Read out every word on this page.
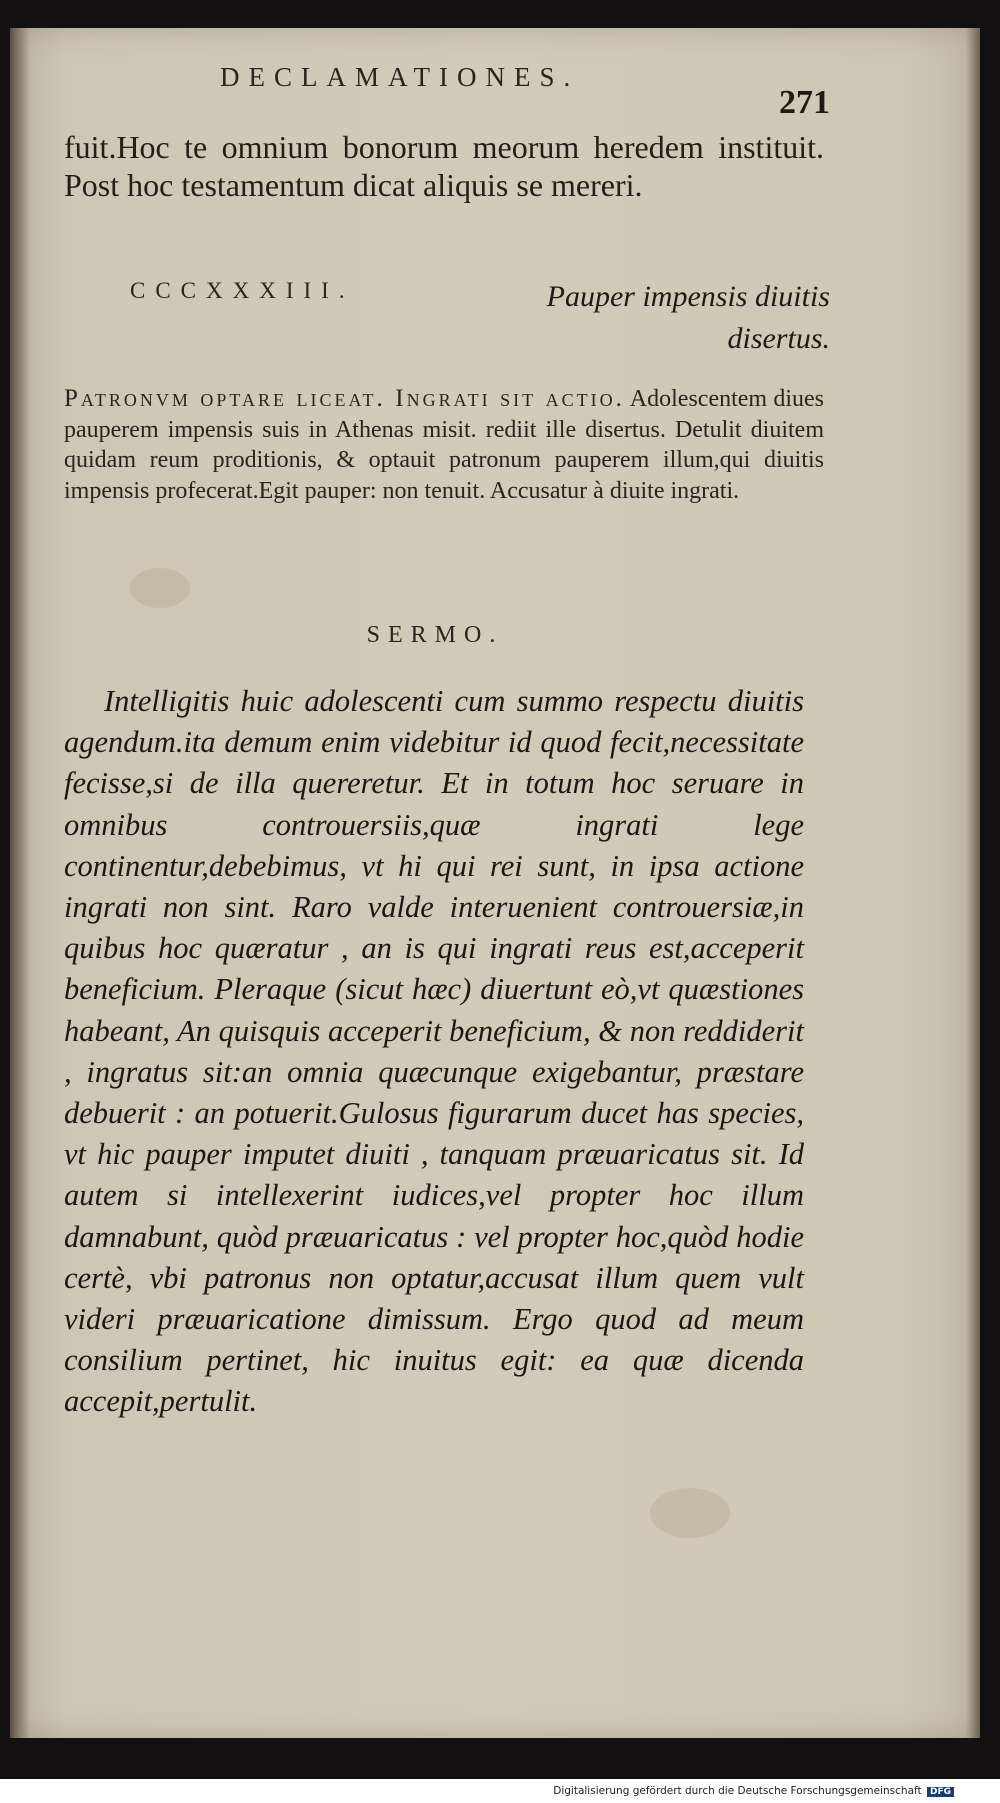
DECLAMATIONES.
271
fuit.Hoc te omnium bonorum meorum heredem instituit. Post hoc testamentum dicat aliquis se mereri.
CCCXXXIII.	Pauper impensis diuitis disertus.
Patronvm optare liceat. Ingrati sit actio. Adolescentem diues pauperem impensis suis in Athenas misit. rediit ille disertus. Detulit diuitem quidam reum proditionis, & optauit patronum pauperem illum,qui diuitis impensis profecerat.Egit pauper: non tenuit. Accusatur à diuite ingrati.
SERMO.
Intelligitis huic adolescenti cum summo respectu diuitis agendum.ita demum enim videbitur id quod fecit,necessitate fecisse,si de illa quereretur. Et in totum hoc seruare in omnibus controuersiis,quæ ingrati lege continentur,debebimus, vt hi qui rei sunt, in ipsa actione ingrati non sint. Raro valde interuenient controuersiæ,in quibus hoc quæratur , an is qui ingrati reus est,acceperit beneficium. Pleraque (sicut hæc) diuertunt eò,vt quæstiones habeant, An quisquis acceperit beneficium, & non reddiderit , ingratus sit:an omnia quæcunque exigebantur, præstare debuerit : an potuerit.Gulosus figurarum ducet has species, vt hic pauper imputet diuiti , tanquam præuaricatus sit. Id autem si intellexerint iudices,vel propter hoc illum damnabunt, quòd præuaricatus : vel propter hoc,quòd hodie certè, vbi patronus non optatur,accusat illum quem vult videri præuaricatione dimissum. Ergo quod ad meum consilium pertinet, hic inuitus egit: ea quæ dicenda accepit,pertulit.
Digitalisierung gefördert durch die Deutsche Forschungsgemeinschaft DFG
